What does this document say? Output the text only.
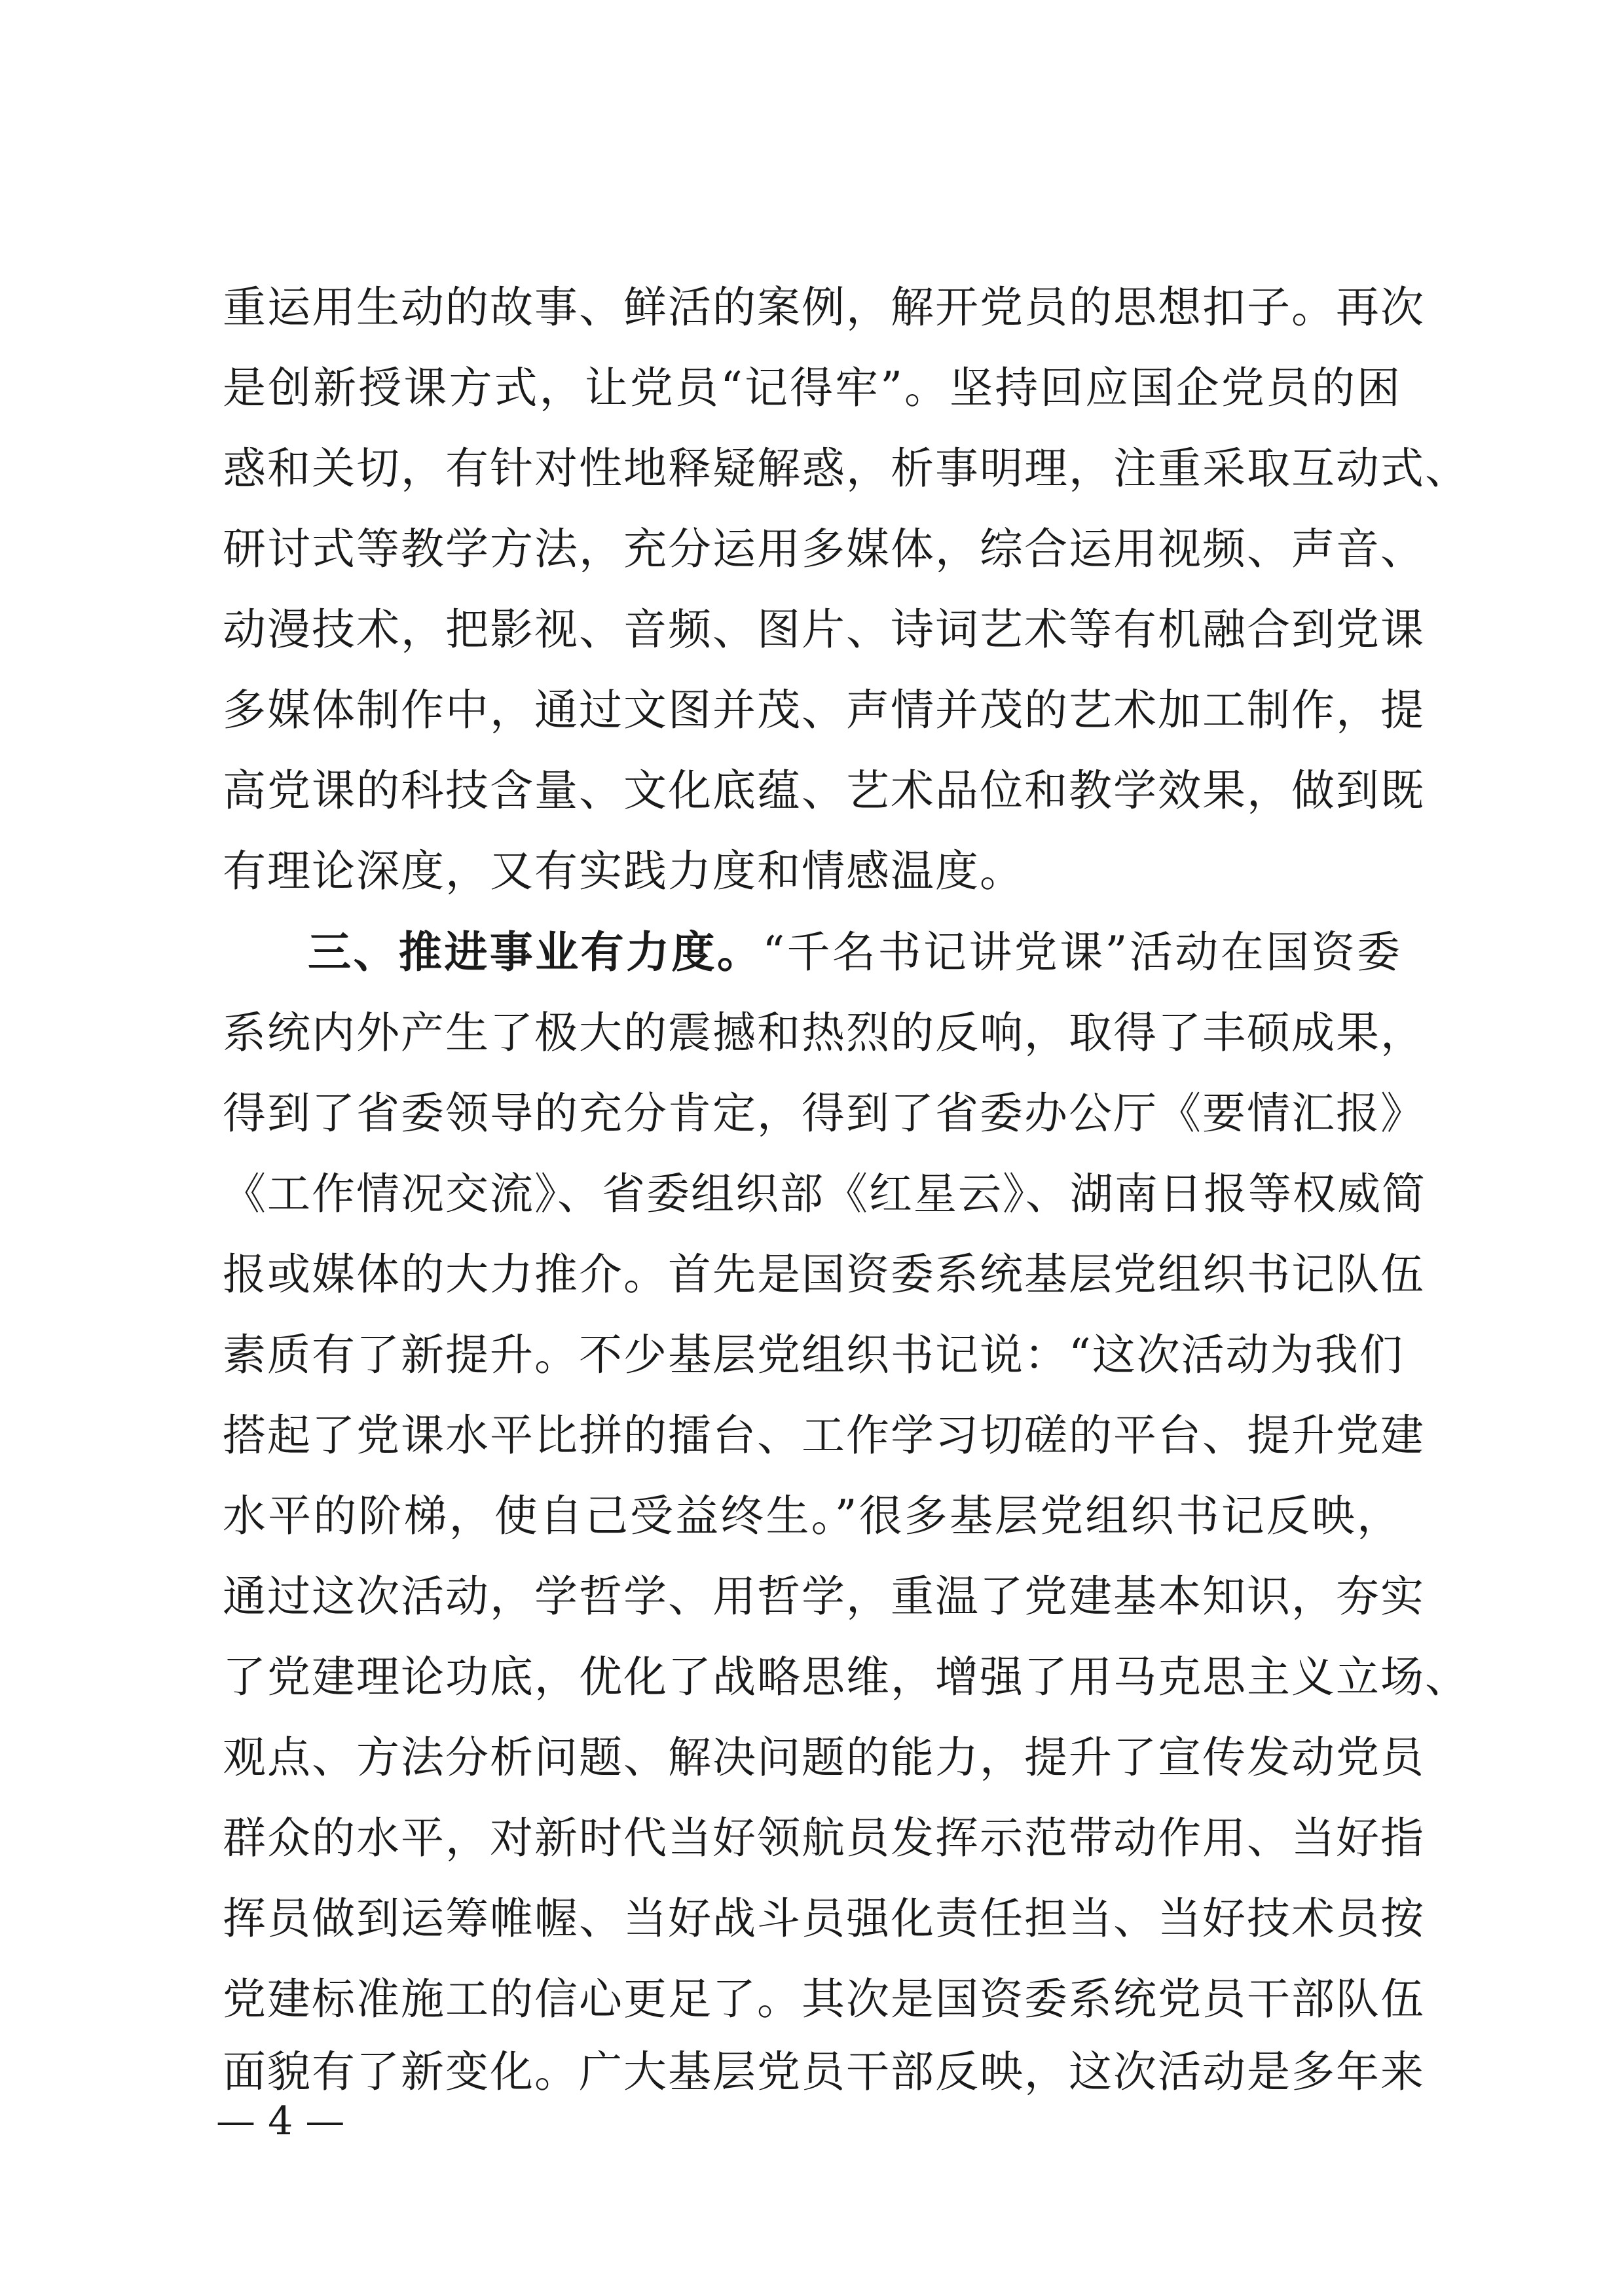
重运用生动的故事、鲜活的案例，解开党员的思想扣子。再次
是创新授课方式，让党员“记得牢”。坚持回应国企党员的困
惑和关切，有针对性地释疑解惑，析事明理，注重采取互动式、
研讨式等教学方法，充分运用多媒体，综合运用视频、声音、
动漫技术，把影视、音频、图片、诗词艺术等有机融合到党课
多媒体制作中，通过文图并茂、声情并茂的艺术加工制作，提
高党课的科技含量、文化底蕴、艺术品位和教学效果，做到既
有理论深度，又有实践力度和情感温度。
三、推进事业有力度。“千名书记讲党课”活动在国资委
系统内外产生了极大的震撼和热烈的反响，取得了丰硕成果，
得到了省委领导的充分肯定，得到了省委办公厅《要情汇报》
《工作情况交流》、省委组织部《红星云》、湖南日报等权威简
报或媒体的大力推介。首先是国资委系统基层党组织书记队伍
素质有了新提升。不少基层党组织书记说：“这次活动为我们
搭起了党课水平比拼的擂台、工作学习切磋的平台、提升党建
水平的阶梯，使自己受益终生。”很多基层党组织书记反映，
通过这次活动，学哲学、用哲学，重温了党建基本知识，夯实
了党建理论功底，优化了战略思维，增强了用马克思主义立场、
观点、方法分析问题、解决问题的能力，提升了宣传发动党员
群众的水平，对新时代当好领航员发挥示范带动作用、当好指
挥员做到运筹帷幄、当好战斗员强化责任担当、当好技术员按
党建标准施工的信心更足了。其次是国资委系统党员干部队伍
面貌有了新变化。广大基层党员干部反映，这次活动是多年来
— 4 —
